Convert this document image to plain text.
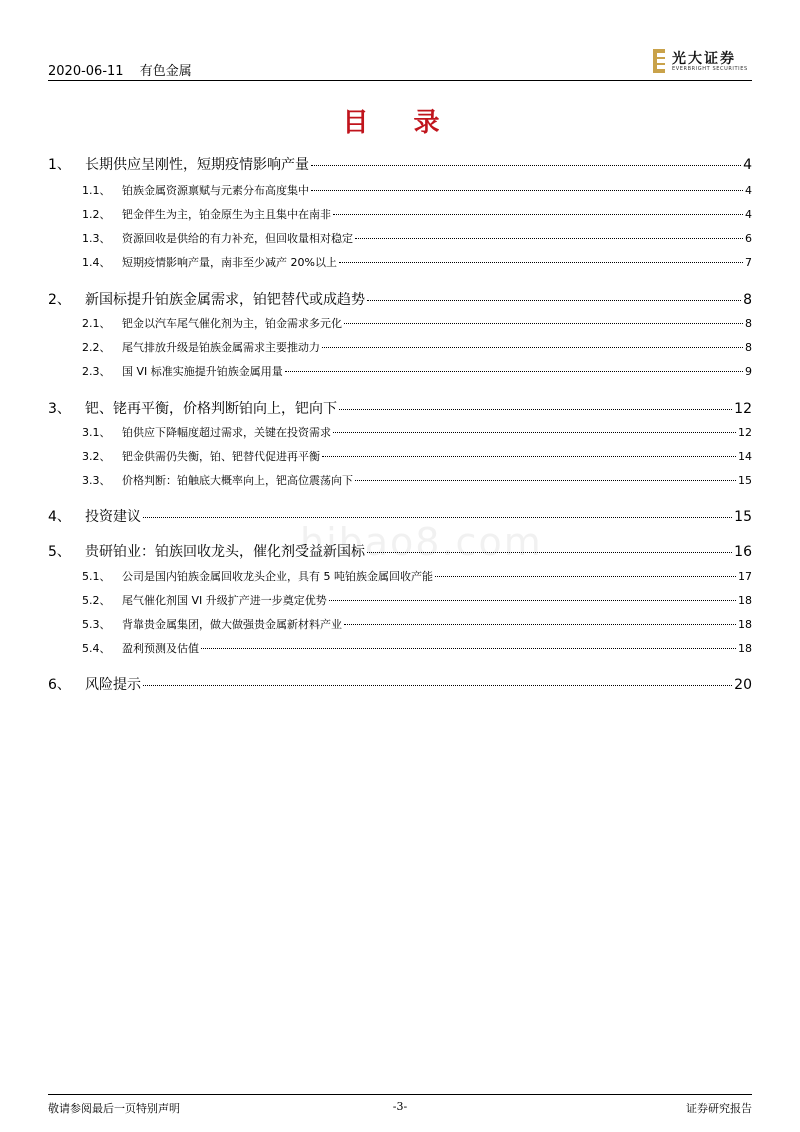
2020-06-11 有色金属
光大证券
EVERBRIGHT SECURITIES
目 录
hibao8.com
1、	长期供应呈刚性，短期疫情影响产量	4
1.1、	铂族金属资源禀赋与元素分布高度集中	4
1.2、	钯金伴生为主，铂金原生为主且集中在南非	4
1.3、	资源回收是供给的有力补充，但回收量相对稳定	6
1.4、	短期疫情影响产量，南非至少减产 20%以上	7
2、	新国标提升铂族金属需求，铂钯替代或成趋势	8
2.1、	钯金以汽车尾气催化剂为主，铂金需求多元化	8
2.2、	尾气排放升级是铂族金属需求主要推动力	8
2.3、	国 VI 标准实施提升铂族金属用量	9
3、	钯、铑再平衡，价格判断铂向上，钯向下	12
3.1、	铂供应下降幅度超过需求，关键在投资需求	12
3.2、	钯金供需仍失衡，铂、钯替代促进再平衡	14
3.3、	价格判断：铂触底大概率向上，钯高位震荡向下	15
4、	投资建议	15
5、	贵研铂业：铂族回收龙头，催化剂受益新国标	16
5.1、	公司是国内铂族金属回收龙头企业，具有 5 吨铂族金属回收产能	17
5.2、	尾气催化剂国 VI 升级扩产进一步奠定优势	18
5.3、	背靠贵金属集团，做大做强贵金属新材料产业	18
5.4、	盈利预测及估值	18
6、	风险提示	20
敬请参阅最后一页特别声明	-3-	证券研究报告
